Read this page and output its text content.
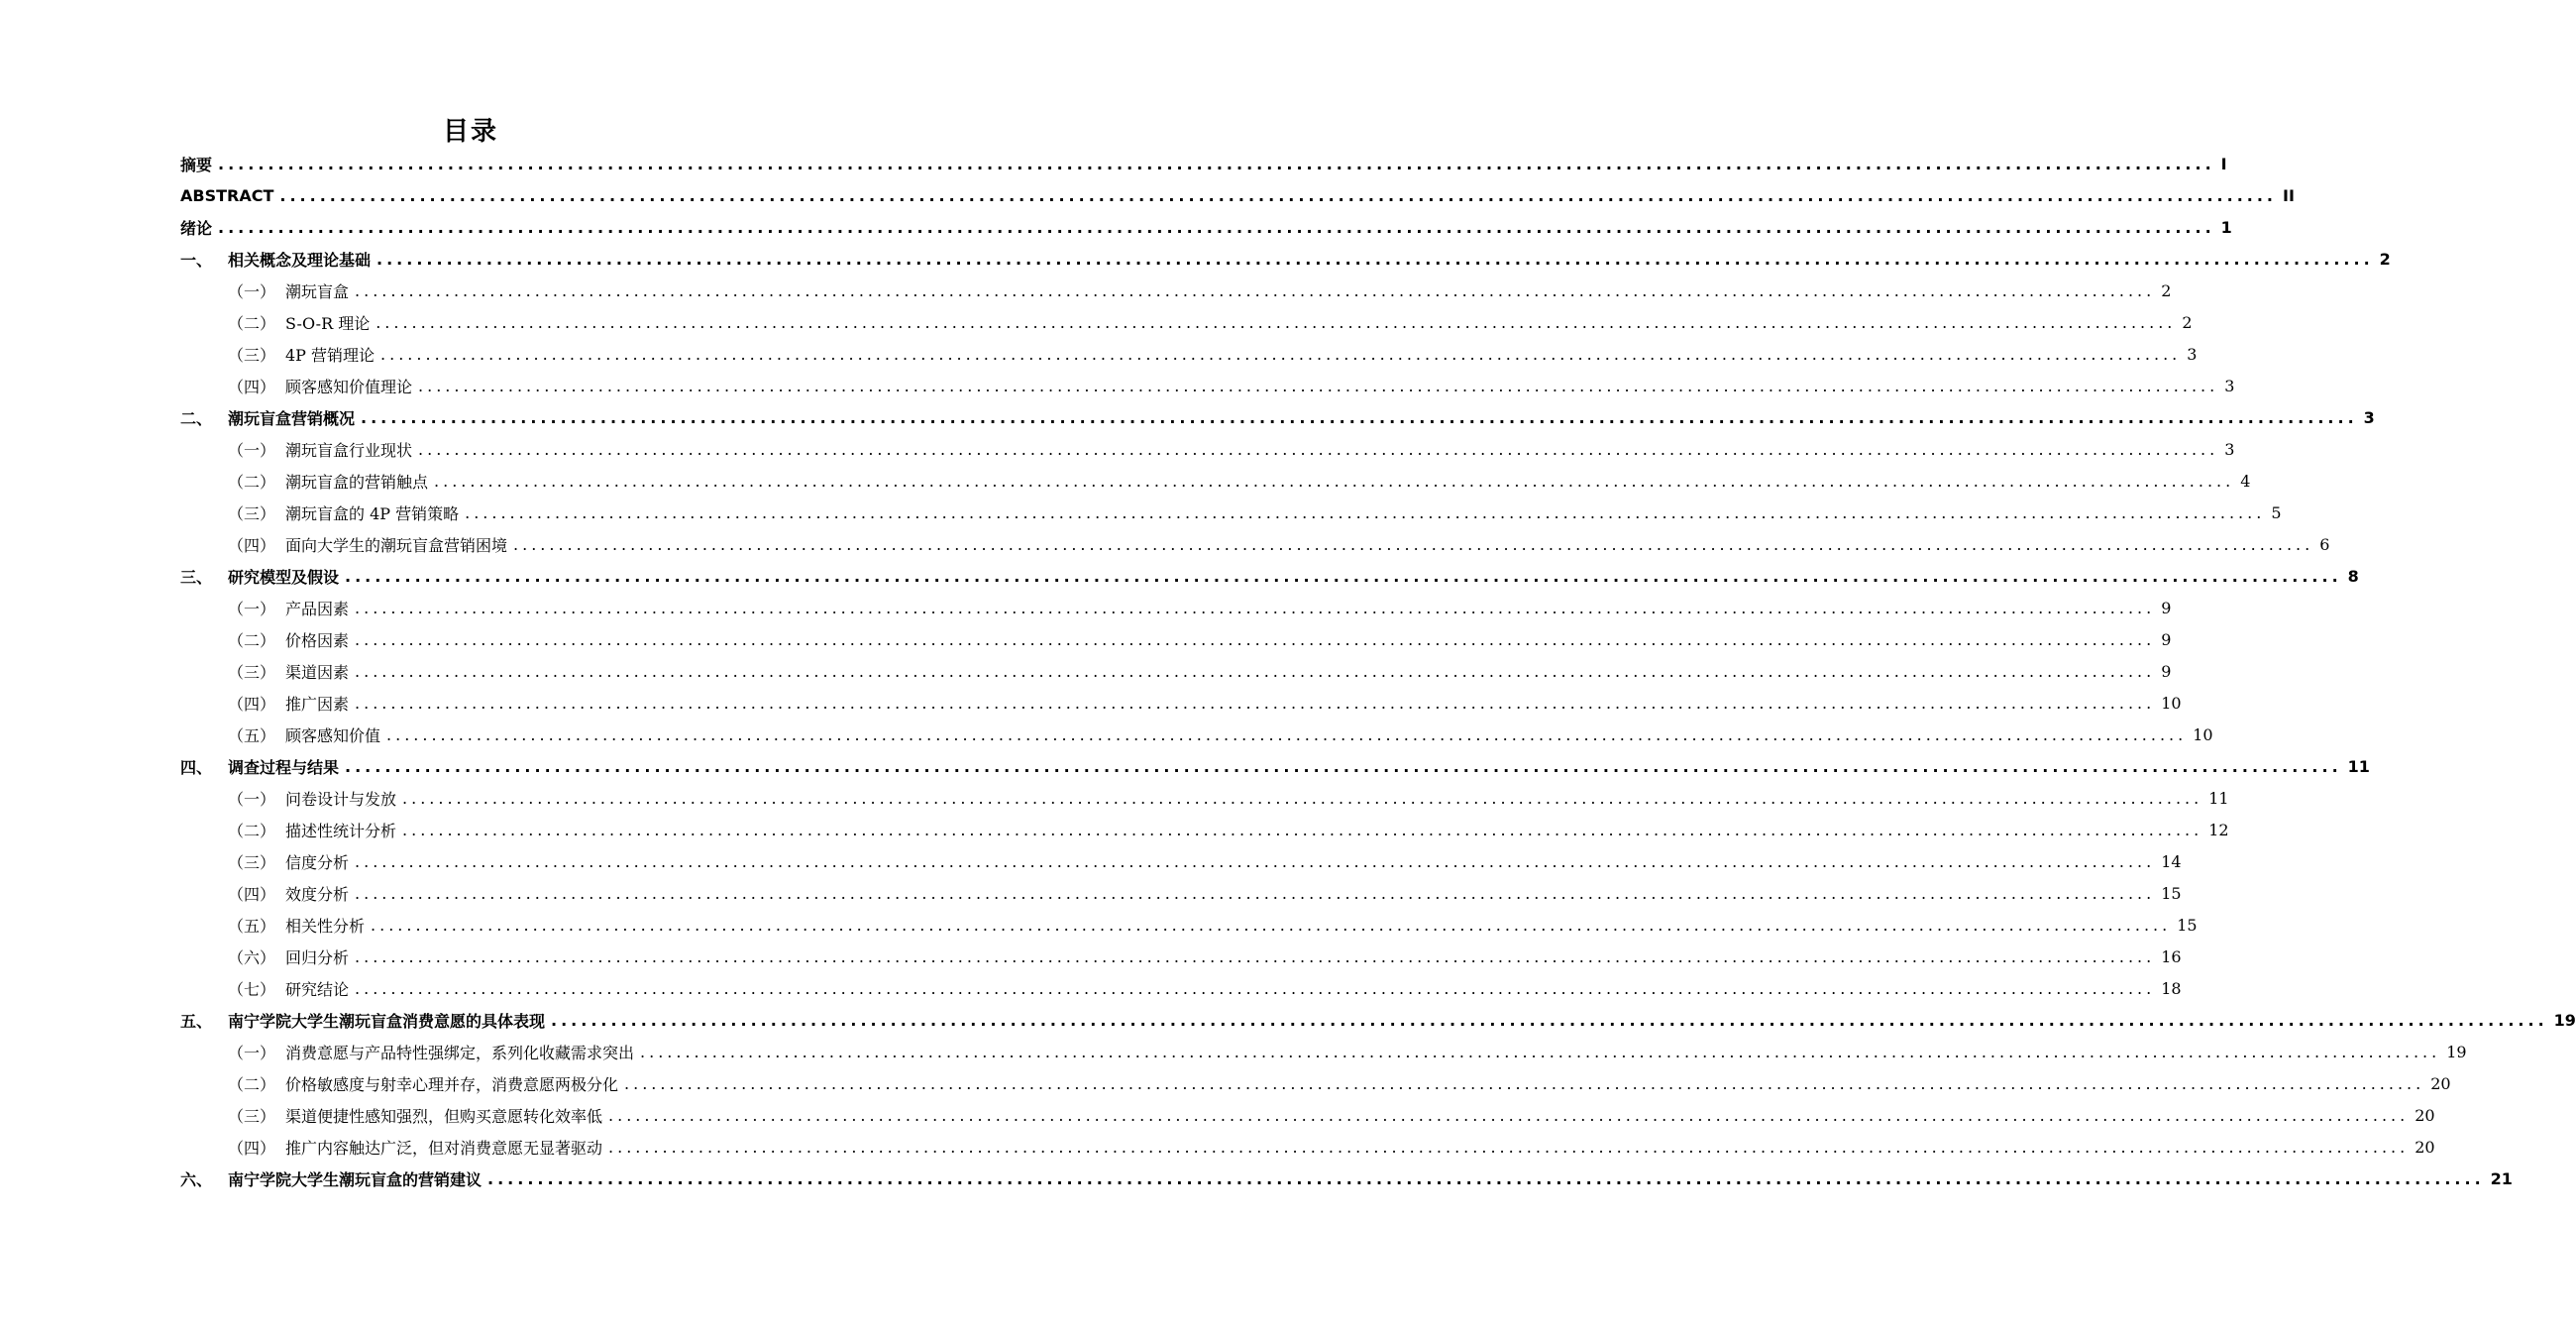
目录
摘要 ........................................................................................................................................................................................................ I
ABSTRACT ........................................................................................................................................................................................................ II
绪论 ........................................................................................................................................................................................................ 1
一、 相关概念及理论基础 ........................................................................................................................................................................................................ 2
（一） 潮玩盲盒 ........................................................................................................................................................................................................ 2
（二） S-O-R 理论 ........................................................................................................................................................................................................ 2
（三） 4P 营销理论 ........................................................................................................................................................................................................ 3
（四） 顾客感知价值理论 ........................................................................................................................................................................................................ 3
二、 潮玩盲盒营销概况 ........................................................................................................................................................................................................ 3
（一） 潮玩盲盒行业现状 ........................................................................................................................................................................................................ 3
（二） 潮玩盲盒的营销触点 ........................................................................................................................................................................................................ 4
（三） 潮玩盲盒的 4P 营销策略 ........................................................................................................................................................................................................ 5
（四） 面向大学生的潮玩盲盒营销困境 ........................................................................................................................................................................................................ 6
三、 研究模型及假设 ........................................................................................................................................................................................................ 8
（一） 产品因素 ........................................................................................................................................................................................................ 9
（二） 价格因素 ........................................................................................................................................................................................................ 9
（三） 渠道因素 ........................................................................................................................................................................................................ 9
（四） 推广因素 ........................................................................................................................................................................................................ 10
（五） 顾客感知价值 ........................................................................................................................................................................................................ 10
四、 调查过程与结果 ........................................................................................................................................................................................................ 11
（一） 问卷设计与发放 ........................................................................................................................................................................................................ 11
（二） 描述性统计分析 ........................................................................................................................................................................................................ 12
（三） 信度分析 ........................................................................................................................................................................................................ 14
（四） 效度分析 ........................................................................................................................................................................................................ 15
（五） 相关性分析 ........................................................................................................................................................................................................ 15
（六） 回归分析 ........................................................................................................................................................................................................ 16
（七） 研究结论 ........................................................................................................................................................................................................ 18
五、 南宁学院大学生潮玩盲盒消费意愿的具体表现 ........................................................................................................................................................................................................ 19
（一） 消费意愿与产品特性强绑定，系列化收藏需求突出 ........................................................................................................................................................................................................ 19
（二） 价格敏感度与射幸心理并存，消费意愿两极分化 ........................................................................................................................................................................................................ 20
（三） 渠道便捷性感知强烈，但购买意愿转化效率低 ........................................................................................................................................................................................................ 20
（四） 推广内容触达广泛，但对消费意愿无显著驱动 ........................................................................................................................................................................................................ 20
六、 南宁学院大学生潮玩盲盒的营销建议 ........................................................................................................................................................................................................ 21
